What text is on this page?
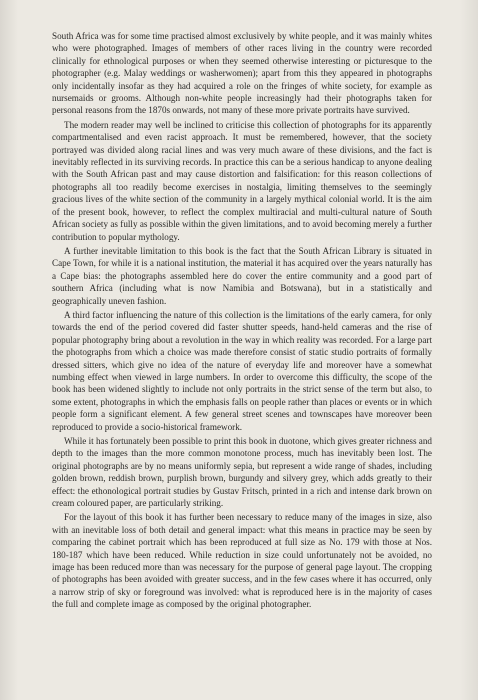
South Africa was for some time practised almost exclusively by white people, and it was mainly whites who were photographed. Images of members of other races living in the country were recorded clinically for ethnological purposes or when they seemed otherwise interesting or picturesque to the photographer (e.g. Malay weddings or washerwomen); apart from this they appeared in photographs only incidentally insofar as they had acquired a role on the fringes of white society, for example as nursemaids or grooms. Although non-white people increasingly had their photographs taken for personal reasons from the 1870s onwards, not many of these more private portraits have survived.

The modern reader may well be inclined to criticise this collection of photographs for its apparently compartmentalised and even racist approach. It must be remembered, however, that the society portrayed was divided along racial lines and was very much aware of these divisions, and the fact is inevitably reflected in its surviving records. In practice this can be a serious handicap to anyone dealing with the South African past and may cause distortion and falsification: for this reason collections of photographs all too readily become exercises in nostalgia, limiting themselves to the seemingly gracious lives of the white section of the community in a largely mythical colonial world. It is the aim of the present book, however, to reflect the complex multiracial and multi-cultural nature of South African society as fully as possible within the given limitations, and to avoid becoming merely a further contribution to popular mythology.

A further inevitable limitation to this book is the fact that the South African Library is situated in Cape Town, for while it is a national institution, the material it has acquired over the years naturally has a Cape bias: the photographs assembled here do cover the entire community and a good part of southern Africa (including what is now Namibia and Botswana), but in a statistically and geographically uneven fashion.

A third factor influencing the nature of this collection is the limitations of the early camera, for only towards the end of the period covered did faster shutter speeds, hand-held cameras and the rise of popular photography bring about a revolution in the way in which reality was recorded. For a large part the photographs from which a choice was made therefore consist of static studio portraits of formally dressed sitters, which give no idea of the nature of everyday life and moreover have a somewhat numbing effect when viewed in large numbers. In order to overcome this difficulty, the scope of the book has been widened slightly to include not only portraits in the strict sense of the term but also, to some extent, photographs in which the emphasis falls on people rather than places or events or in which people form a significant element. A few general street scenes and townscapes have moreover been reproduced to provide a socio-historical framework.

While it has fortunately been possible to print this book in duotone, which gives greater richness and depth to the images than the more common monotone process, much has inevitably been lost. The original photographs are by no means uniformly sepia, but represent a wide range of shades, including golden brown, reddish brown, purplish brown, burgundy and silvery grey, which adds greatly to their effect: the ethonological portrait studies by Gustav Fritsch, printed in a rich and intense dark brown on cream coloured paper, are particularly striking.

For the layout of this book it has further been necessary to reduce many of the images in size, also with an inevitable loss of both detail and general impact: what this means in practice may be seen by comparing the cabinet portrait which has been reproduced at full size as No. 179 with those at Nos. 180-187 which have been reduced. While reduction in size could unfortunately not be avoided, no image has been reduced more than was necessary for the purpose of general page layout. The cropping of photographs has been avoided with greater success, and in the few cases where it has occurred, only a narrow strip of sky or foreground was involved: what is reproduced here is in the majority of cases the full and complete image as composed by the original photographer.
